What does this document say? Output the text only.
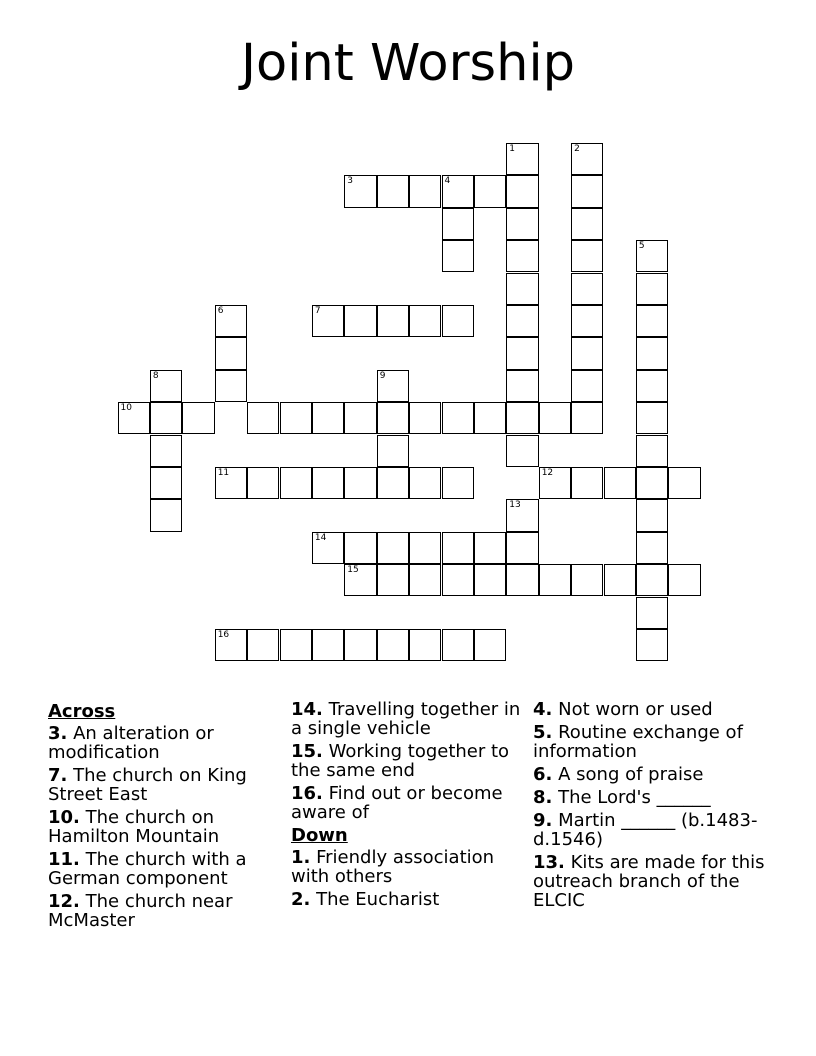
Joint Worship
1	2
3	4
5
6	7
8	9
10
11	12
13
14
15
16
Across
3. An alteration or modification
7. The church on King Street East
10. The church on Hamilton Mountain
11. The church with a German component
12. The church near McMaster
14. Travelling together in a single vehicle
15. Working together to the same end
16. Find out or become aware of
Down
1. Friendly association with others
2. The Eucharist
4. Not worn or used
5. Routine exchange of information
6. A song of praise
8. The Lord's ______
9. Martin ______ (b.1483-d.1546)
13. Kits are made for this outreach branch of the ELCIC
